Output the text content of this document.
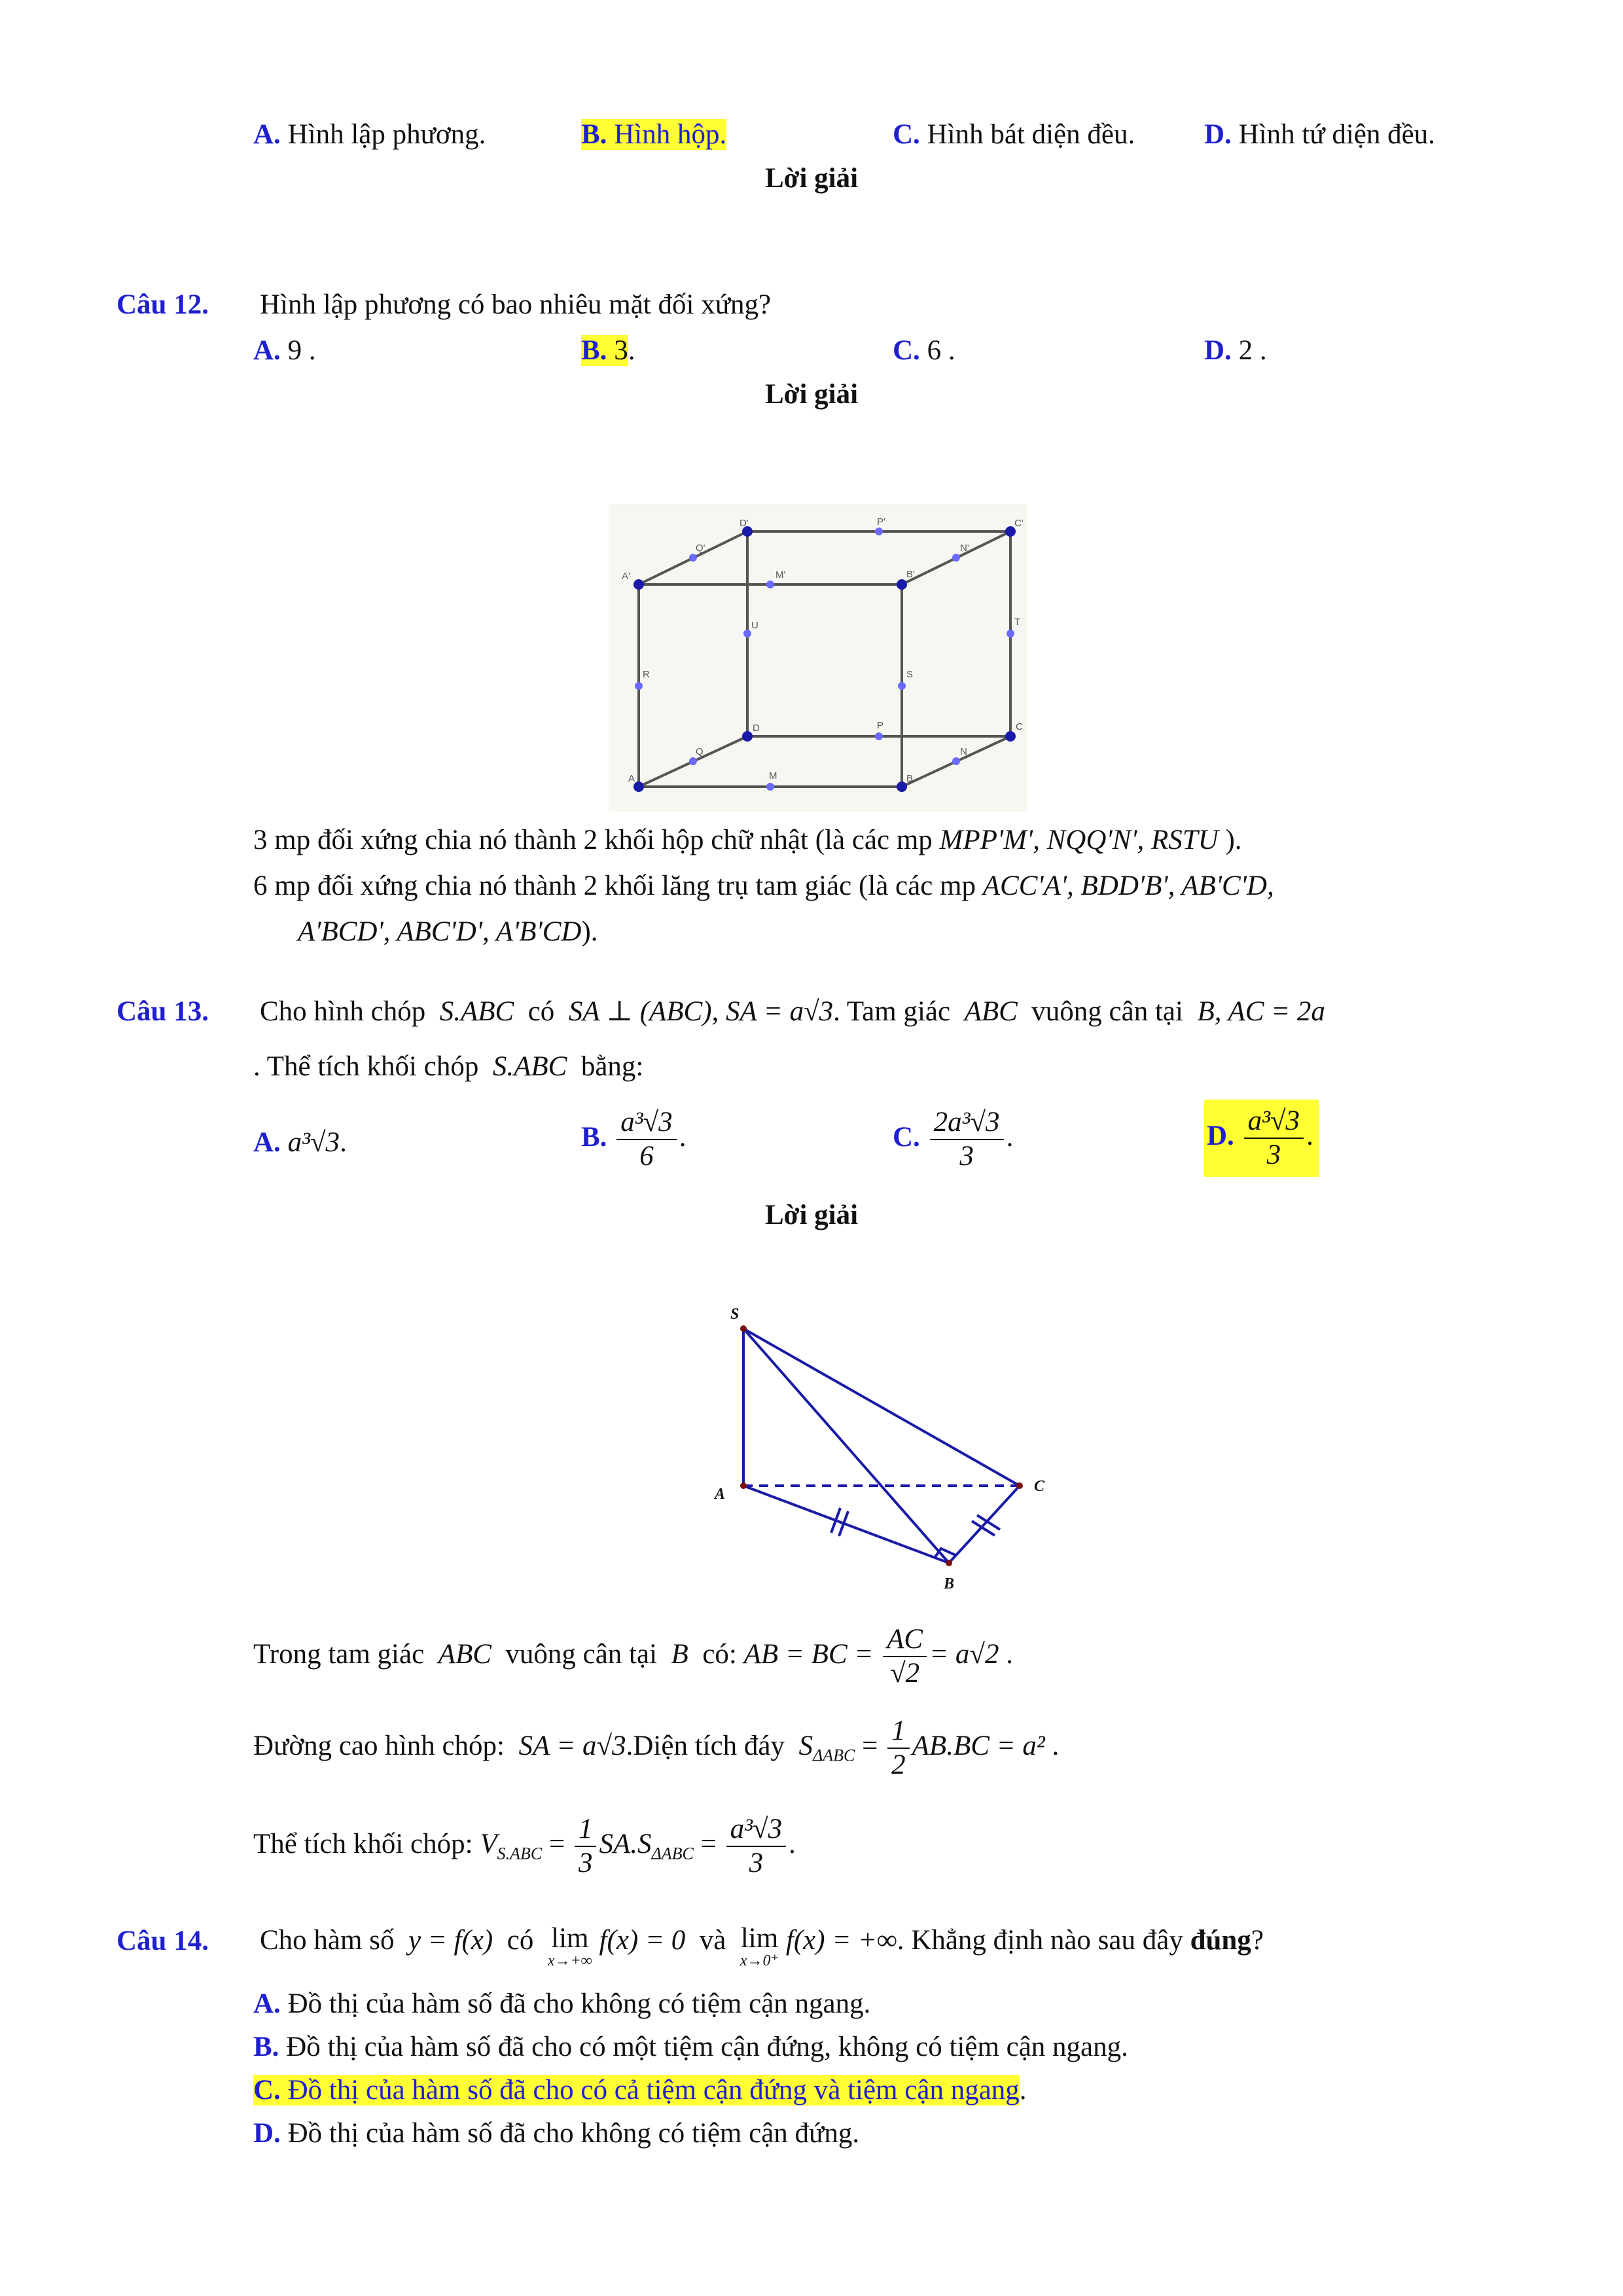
A. Hình lập phương.	B. Hình hộp.	C. Hình bát diện đều. D. Hình tứ diện đều.
Lời giải
Câu 12. Hình lập phương có bao nhiêu mặt đối xứng?
A. 9 .	B. 3.	C. 6 .	D. 2 .
Lời giải
A'	B'
B
A
D'	C'
C
D
Q'
P'
M'
N'
U	T
R	S
P
Q
M
N
3 mp đối xứng chia nó thành 2 khối hộp chữ nhật (là các mp MPP'M', NQQ'N', RSTU ).
6 mp đối xứng chia nó thành 2 khối lăng trụ tam giác (là các mp ACC'A', BDD'B', AB'C'D,
A'BCD', ABC'D', A'B'CD).
Câu 13. Cho hình chóp S.ABC có SA ⊥ (ABC), SA = a√3. Tam giác ABC vuông cân tại B, AC = 2a
. Thể tích khối chóp S.ABC bằng:
A. a³√3.	B. $\frac{\text{a³√3}}{6}$ .	C. $\frac{\text{2a³√3}}{3}$ .	D. $\frac{\text{a³√3}}{3}$ .
Lời giải
S
A
B
C
Trong tam giác ABC vuông cân tại B có: AB = BC = $\frac{AC}{√2} = a√2$ .
Đường cao hình chóp: SA = a√3.Diện tích đáy $S_{\Delta ABC} = \frac{1}{2} AB.BC = a^2$ .
Thể tích khối chóp: $V_{S.ABC} = \frac{1}{3} SA.S_{\Delta ABC} = \frac{\text{a³√3}}{3}$ .
Câu 14. Cho hàm số y = f(x) có lim

x→+∞
f(x) = 0 và lim

x→0⁺
f(x) = +∞. Khẳng định nào sau đây đúng?
A. Đồ thị của hàm số đã cho không có tiệm cận ngang.
B. Đồ thị của hàm số đã cho có một tiệm cận đứng, không có tiệm cận ngang.
C. Đồ thị của hàm số đã cho có cả tiệm cận đứng và tiệm cận ngang.
D. Đồ thị của hàm số đã cho không có tiệm cận đứng.
